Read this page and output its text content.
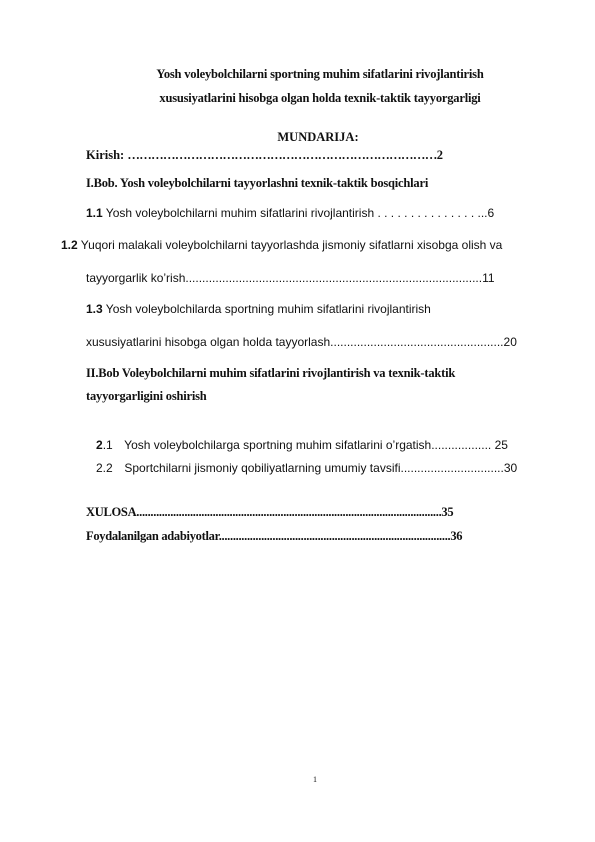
Yosh voleybolchilarni sportning muhim sifatlarini rivojlantirish
xususiyatlarini hisobga olgan holda texnik-taktik tayyorgarligi
MUNDARIJA:
Kirish: ……………………………………………………………………2
I.Bob. Yosh voleybolchilarni tayyorlashni texnik-taktik bosqichlari
1.1 Yosh voleybolchilarni muhim sifatlarini rivojlantirish . . . . . . . . . . . . . . . ...6
1.2 Yuqori malakali voleybolchilarni tayyorlashda jismoniy sifatlarni xisobga olish va
tayyorgarlik ko’rish.........................................................................................11
1.3 Yosh voleybolchilarda sportning muhim sifatlarini rivojlantirish
xususiyatlarini hisobga olgan holda tayyorlash....................................................20
II.Bob Voleybolchilarni muhim sifatlarini rivojlantirish va texnik-taktik
tayyorgarligini oshirish
2.1 Yosh voleybolchilarga sportning muhim sifatlarini o’rgatish.................. 25
2.2 Sportchilarni jismoniy qobiliyatlarning umumiy tavsifi...............................30
XULOSA............................................................................................................35
Foydalanilgan adabiyotlar..................................................................................36
1
